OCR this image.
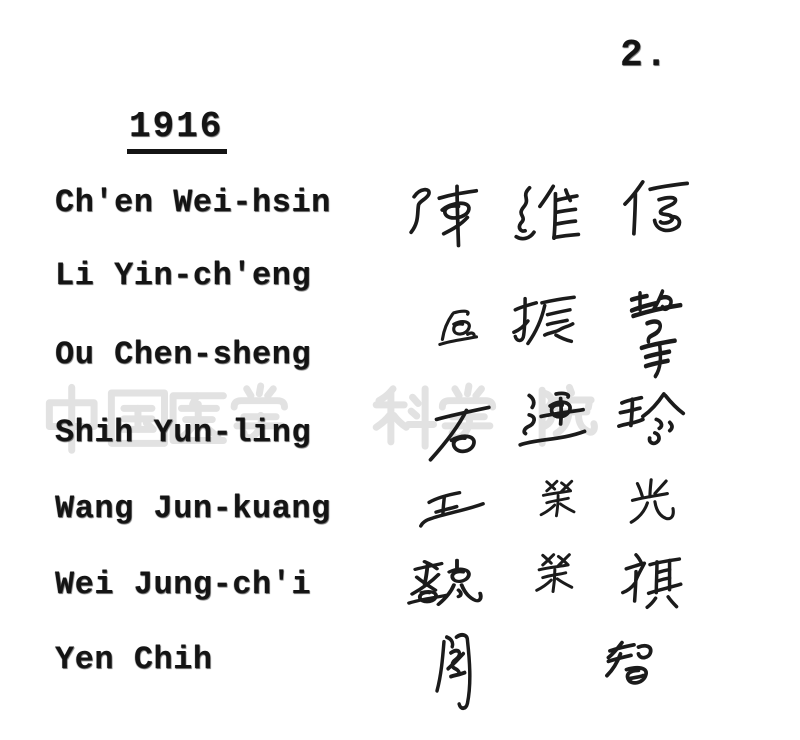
2.
1916
Ch'en Wei-hsin
Li Yin-ch'eng
Ou Chen-sheng
Shih Yun-ling
Wang Jun-kuang
Wei Jung-ch'i
Yen Chih
